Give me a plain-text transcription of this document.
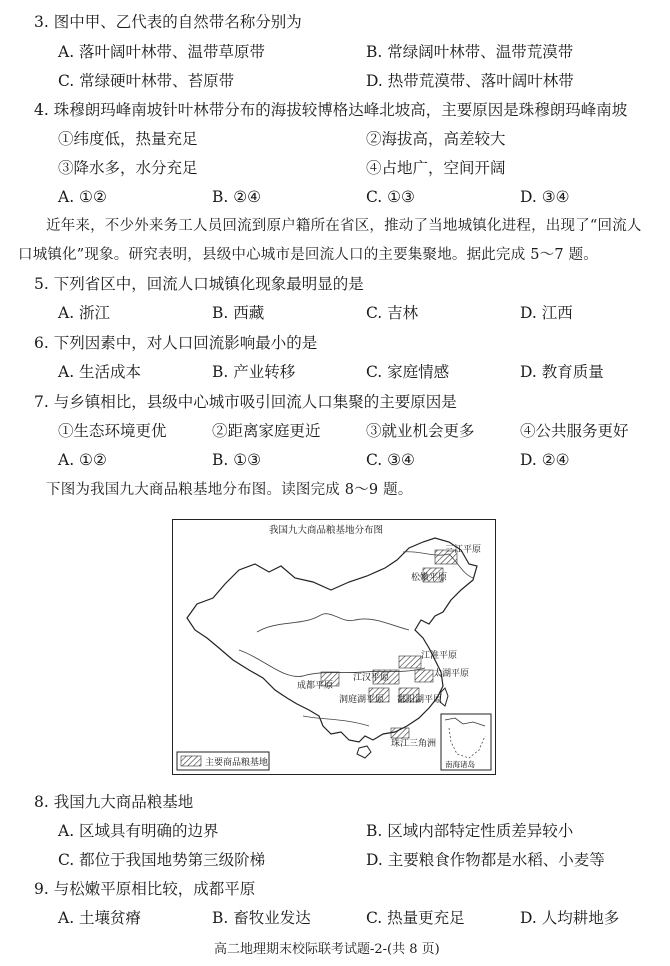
3. 图中甲、乙代表的自然带名称分别为
A. 落叶阔叶林带、温带草原带	B. 常绿阔叶林带、温带荒漠带
C. 常绿硬叶林带、苔原带	D. 热带荒漠带、落叶阔叶林带
4. 珠穆朗玛峰南坡针叶林带分布的海拔较博格达峰北坡高，主要原因是珠穆朗玛峰南坡
①纬度低，热量充足	②海拔高，高差较大
③降水多，水分充足	④占地广，空间开阔
A. ①②	B. ②④	C. ①③	D. ③④
近年来，不少外来务工人员回流到原户籍所在省区，推动了当地城镇化进程，出现了“回流人
口城镇化”现象。研究表明，县级中心城市是回流人口的主要集聚地。据此完成 5～7 题。
5. 下列省区中，回流人口城镇化现象最明显的是
A. 浙江	B. 西藏	C. 吉林	D. 江西
6. 下列因素中，对人口回流影响最小的是
A. 生活成本	B. 产业转移	C. 家庭情感	D. 教育质量
7. 与乡镇相比，县级中心城市吸引回流人口集聚的主要原因是
①生态环境更优	②距离家庭更近	③就业机会更多	④公共服务更好
A. ①②	B. ①③	C. ③④	D. ②④
下图为我国九大商品粮基地分布图。读图完成 8～9 题。
我国九大商品粮基地分布图
三江平原
松嫩平原
江淮平原
太湖平原
成都平原
江汉平原
洞庭湖平原 鄱阳湖平原
珠江三角洲
主要商品粮基地	南海诸岛
8. 我国九大商品粮基地
A. 区域具有明确的边界	B. 区域内部特定性质差异较小
C. 都位于我国地势第三级阶梯	D. 主要粮食作物都是水稻、小麦等
9. 与松嫩平原相比较，成都平原
A. 土壤贫瘠	B. 畜牧业发达	C. 热量更充足	D. 人均耕地多
高二地理期末校际联考试题-2-(共 8 页)
